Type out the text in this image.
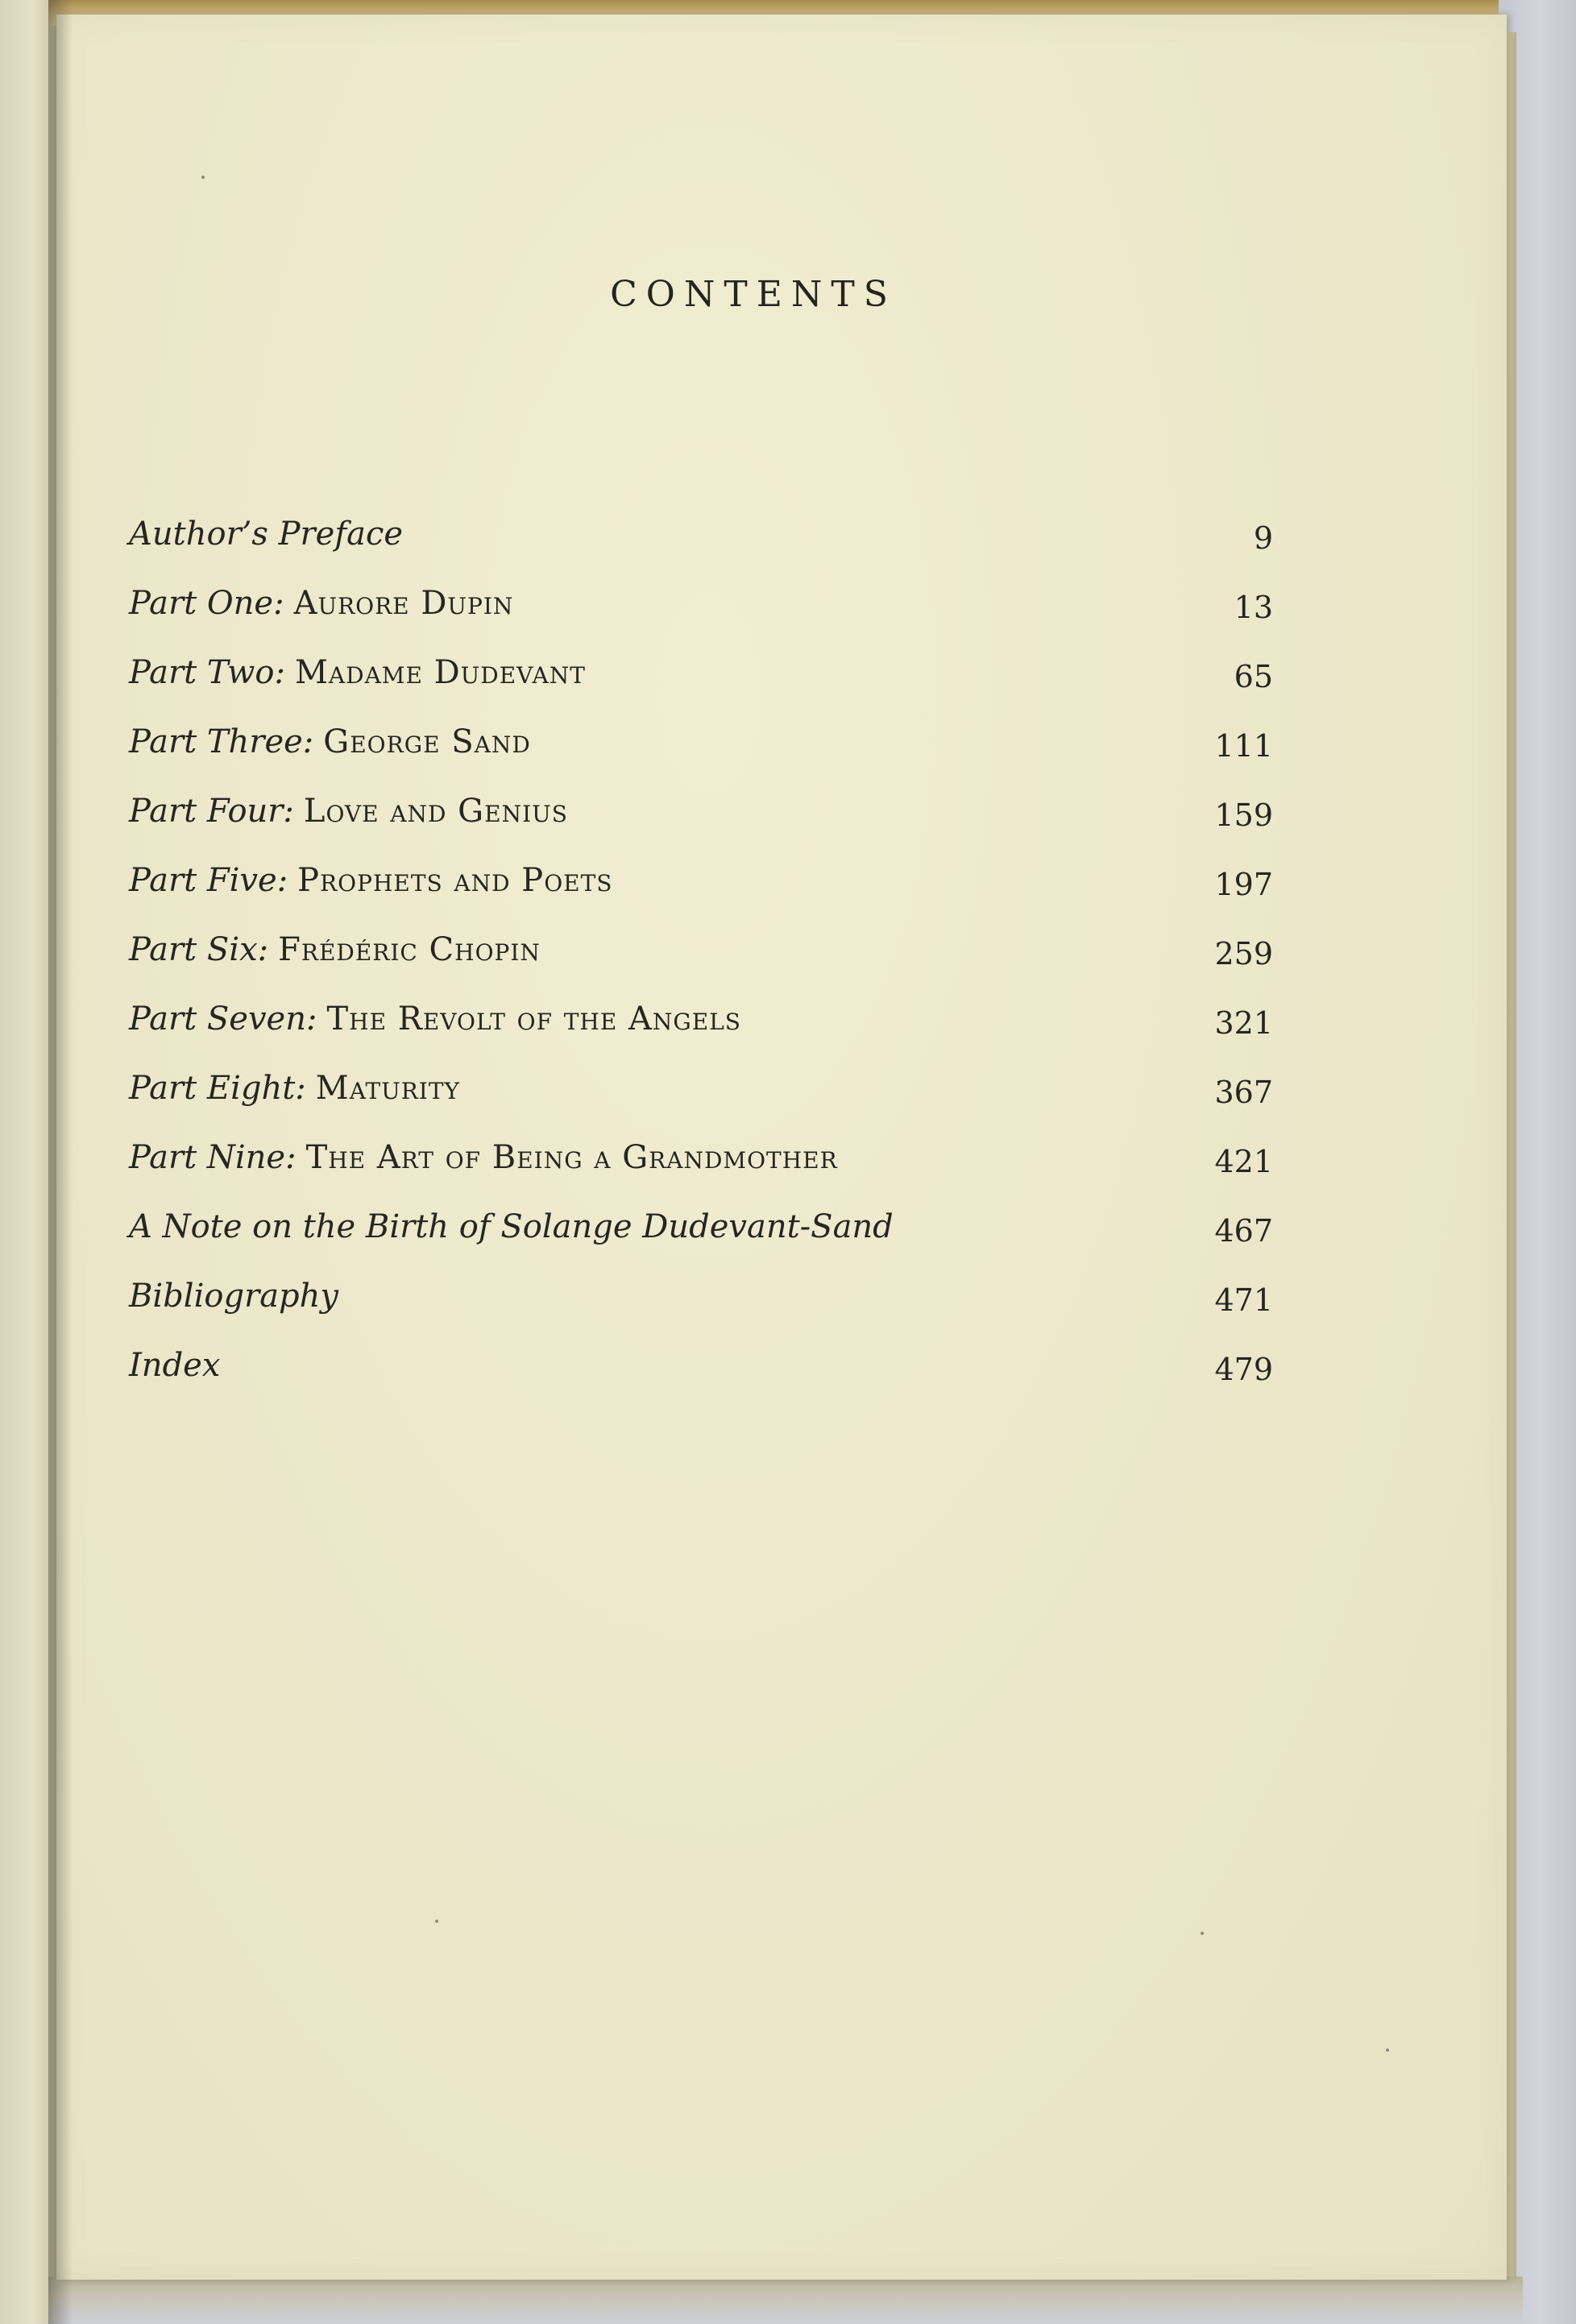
CONTENTS
Author’s Preface	9
Part One: Aurore Dupin	13
Part Two: Madame Dudevant	65
Part Three: George Sand	111
Part Four: Love and Genius	159
Part Five: Prophets and Poets	197
Part Six: Frédéric Chopin	259
Part Seven: The Revolt of the Angels	321
Part Eight: Maturity	367
Part Nine: The Art of Being a Grandmother	421
A Note on the Birth of Solange Dudevant-Sand	467
Bibliography	471
Index	479
